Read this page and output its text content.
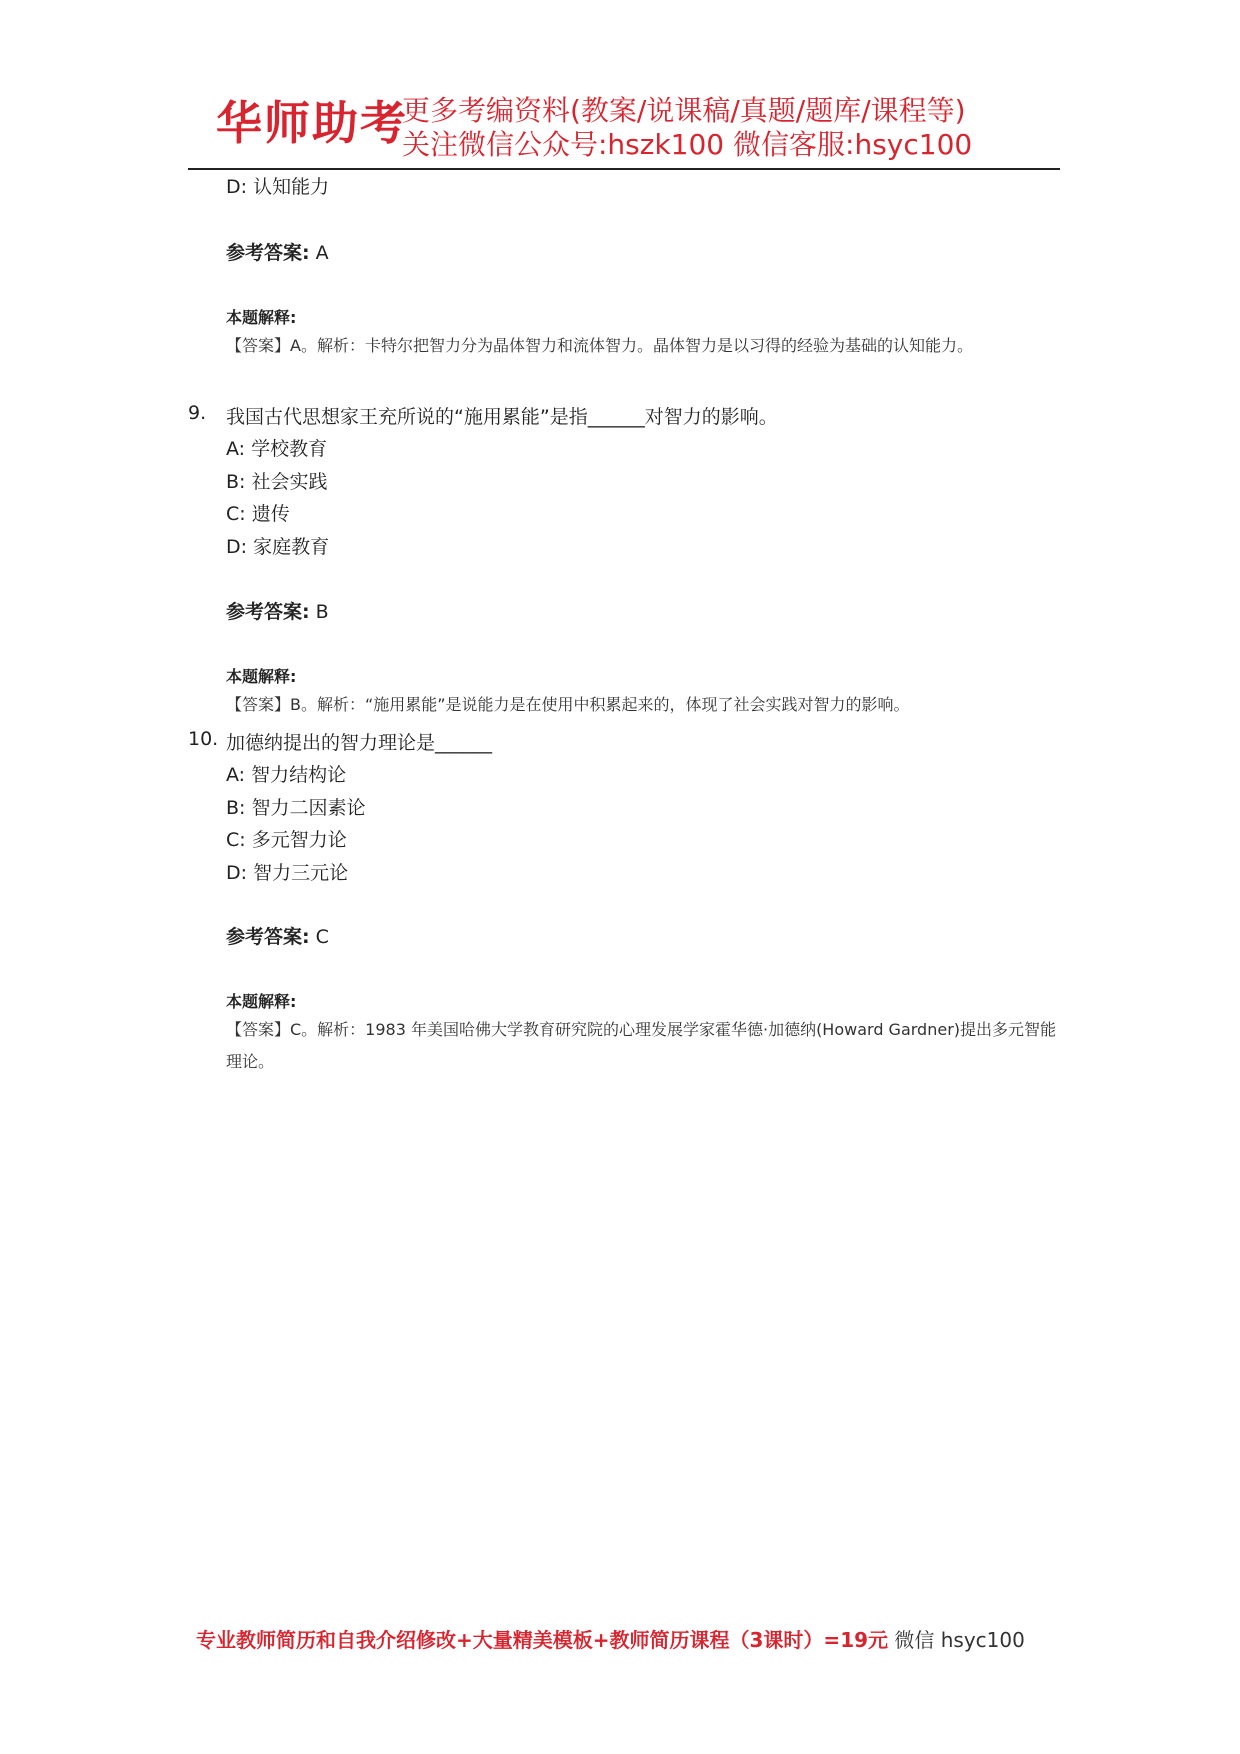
华师助考
更多考编资料(教案/说课稿/真题/题库/课程等)
关注微信公众号:hszk100 微信客服:hsyc100
D: 认知能力
参考答案: A
本题解释:
【答案】A。解析：卡特尔把智力分为晶体智力和流体智力。晶体智力是以习得的经验为基础的认知能力。
9. 我国古代思想家王充所说的“施用累能”是指______对智力的影响。
A: 学校教育
B: 社会实践
C: 遗传
D: 家庭教育
参考答案: B
本题解释:
【答案】B。解析：“施用累能”是说能力是在使用中积累起来的，体现了社会实践对智力的影响。
10. 加德纳提出的智力理论是______
A: 智力结构论
B: 智力二因素论
C: 多元智力论
D: 智力三元论
参考答案: C
本题解释:
【答案】C。解析：1983 年美国哈佛大学教育研究院的心理发展学家霍华德·加德纳(Howard Gardner)提出多元智能理论。
专业教师简历和自我介绍修改+大量精美模板+教师简历课程（3课时）=19元 微信 hsyc100
